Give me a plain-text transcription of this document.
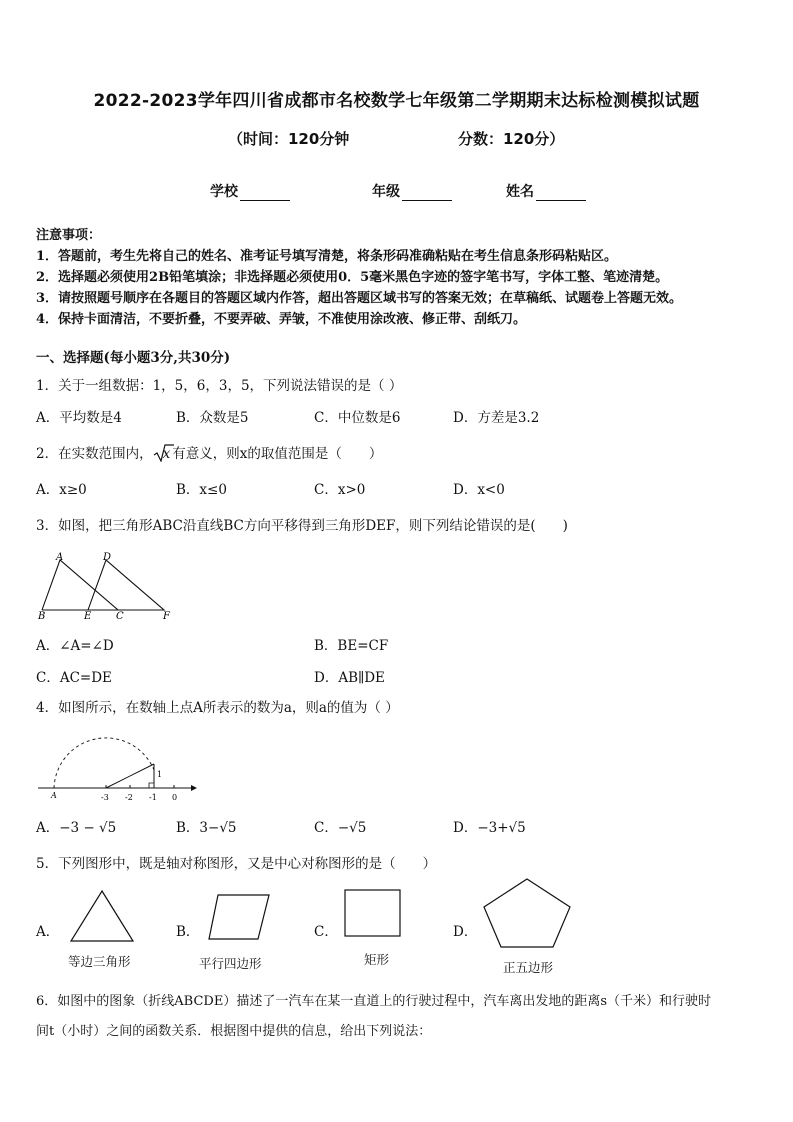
2022-2023学年四川省成都市名校数学七年级第二学期期末达标检测模拟试题
（时间：120分钟	分数：120分）
学校	年级	姓名
注意事项：
1．答题前，考生先将自己的姓名、准考证号填写清楚，将条形码准确粘贴在考生信息条形码粘贴区。
2．选择题必须使用2B铅笔填涂；非选择题必须使用0．5毫米黑色字迹的签字笔书写，字体工整、笔迹清楚。
3．请按照题号顺序在各题目的答题区域内作答，超出答题区域书写的答案无效；在草稿纸、试题卷上答题无效。
4．保持卡面清洁，不要折叠，不要弄破、弄皱，不准使用涂改液、修正带、刮纸刀。
一、选择题(每小题3分,共30分)
1．关于一组数据：1，5，6，3，5，下列说法错误的是（ ）
A．平均数是4	B．众数是5	C．中位数是6	D．方差是3.2
2．在实数范围内， x 有意义，则x的取值范围是（　　）
A．x≥0	B．x≤0	C．x>0	D．x<0
3．如图，把三角形ABC沿直线BC方向平移得到三角形DEF，则下列结论错误的是(　　)
A	D
B	E C	F
A．∠A=∠D	B．BE=CF
C．AC=DE	D．AB∥DE
4．如图所示，在数轴上点A所表示的数为a，则a的值为（ ）
A	-3 -2 -1 0
1
A．−3 − √5	B．3−√5	C．−√5	D．−3+√5
5．下列图形中，既是轴对称图形，又是中心对称图形的是（　　）
A．
等边三角形
B．
平行四边形
C．
矩形
D．
正五边形
6．如图中的图象（折线ABCDE）描述了一汽车在某一直道上的行驶过程中，汽车离出发地的距离s（千米）和行驶时
间t（小时）之间的函数关系．根据图中提供的信息，给出下列说法：
